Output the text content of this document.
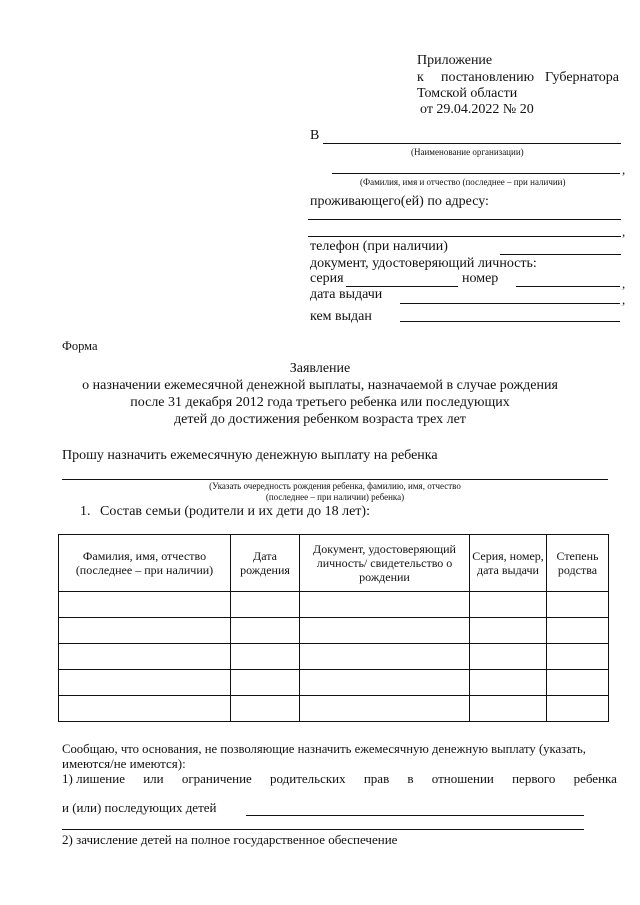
Приложение
к постановлению Губернатора
Томской области
от 29.04.2022 № 20
В
(Наименование организации)
,
(Фамилия, имя и отчество (последнее – при наличии)
проживающего(ей) по адресу:
,
телефон (при наличии)
документ, удостоверяющий личность:
серия	номер	,
дата выдачи	,
кем выдан
Форма
Заявление
о назначении ежемесячной денежной выплаты, назначаемой в случае рождения
после 31 декабря 2012 года третьего ребенка или последующих
детей до достижения ребенком возраста трех лет
Прошу назначить ежемесячную денежную выплату на ребенка
(Указать очередность рождения ребенка, фамилию, имя, отчество
(последнее – при наличии) ребенка)
1. Состав семьи (родители и их дети до 18 лет):
Фамилия, имя, отчество (последнее – при наличии)	Дата рождения	Документ, удостоверяющий личность/ свидетельство о рождении	Серия, номер, дата выдачи	Степень родства

Сообщаю, что основания, не позволяющие назначить ежемесячную денежную выплату (указать,
имеются/не имеются):
1) лишение или ограничение родительских прав в отношении первого ребенка
и (или) последующих детей
2) зачисление детей на полное государственное обеспечение
